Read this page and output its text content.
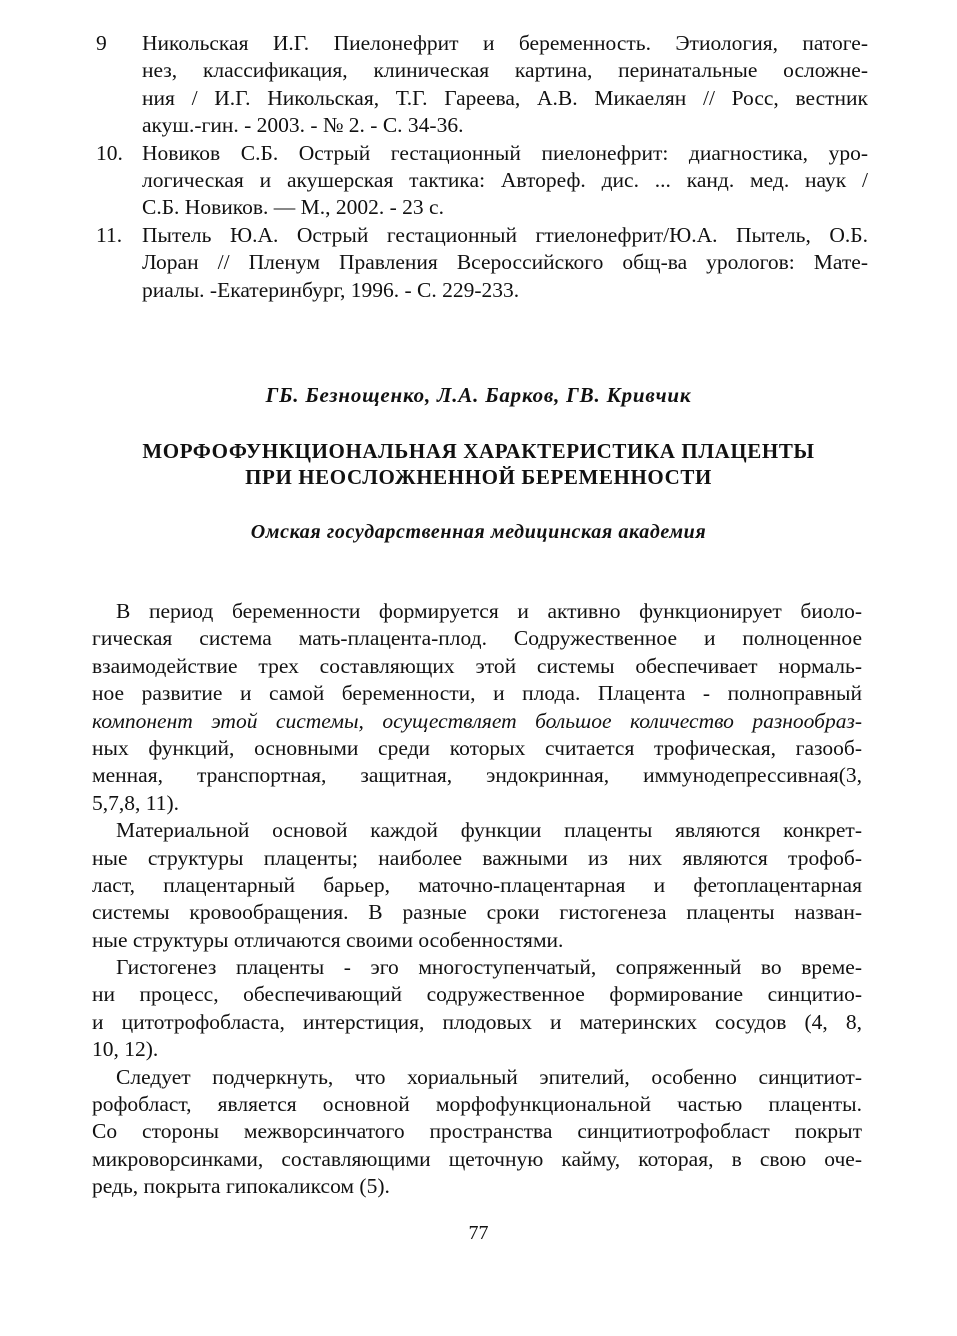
9	Никольская И.Г. Пиелонефрит и беременность. Этиология, патоге-
нез, классификация, клиническая картина, перинатальные осложне-
ния / И.Г. Никольская, Т.Г. Гареева, А.В. Микаелян // Росс, вестник
акуш.-гин. - 2003. - № 2. - С. 34-36.
10. Новиков С.Б. Острый гестационный пиелонефрит: диагностика, уро-
логическая и акушерская тактика: Автореф. дис. ... канд. мед. наук /
С.Б. Новиков. — М., 2002. - 23 с.
11. Пытель Ю.А. Острый гестационный гтиелонефрит/Ю.А. Пытель, О.Б.
Лоран // Пленум Правления Всероссийского общ-ва урологов: Мате-
риалы. -Екатеринбург, 1996. - С. 229-233.
ГБ. Безнощенко, Л.А. Барков, ГВ. Кривчик
МОРФОФУНКЦИОНАЛЬНАЯ ХАРАКТЕРИСТИКА ПЛАЦЕНТЫ
ПРИ НЕОСЛОЖНЕННОЙ БЕРЕМЕННОСТИ
Омская государственная медицинская академия
В период беременности формируется и активно функционирует биоло-
гическая система мать-плацента-плод. Содружественное и полноценное
взаимодействие трех составляющих этой системы обеспечивает нормаль-
ное развитие и самой беременности, и плода. Плацента - полноправный
компонент этой системы, осуществляет большое количество разнообраз-
ных функций, основными среди которых считается трофическая, газооб-
менная, транспортная, защитная, эндокринная, иммунодепрессивная(3,
5,7,8, 11).
Материальной основой каждой функции плаценты являются конкрет-
ные структуры плаценты; наиболее важными из них являются трофоб-
ласт, плацентарный барьер, маточно-плацентарная и фетоплацентарная
системы кровообращения. В разные сроки гистогенеза плаценты назван-
ные структуры отличаются своими особенностями.
Гистогенез плаценты - эго многоступенчатый, сопряженный во време-
ни процесс, обеспечивающий содружественное формирование синцитио-
и цитотрофобласта, интерстиция, плодовых и материнских сосудов (4, 8,
10, 12).
Следует подчеркнуть, что хориальный эпителий, особенно синцитиот-
рофобласт, является основной морфофункциональной частью плаценты.
Со стороны межворсинчатого пространства синцитиотрофобласт покрыт
микроворсинками, составляющими щеточную кайму, которая, в свою оче-
редь, покрыта гипокаликсом (5).
77
